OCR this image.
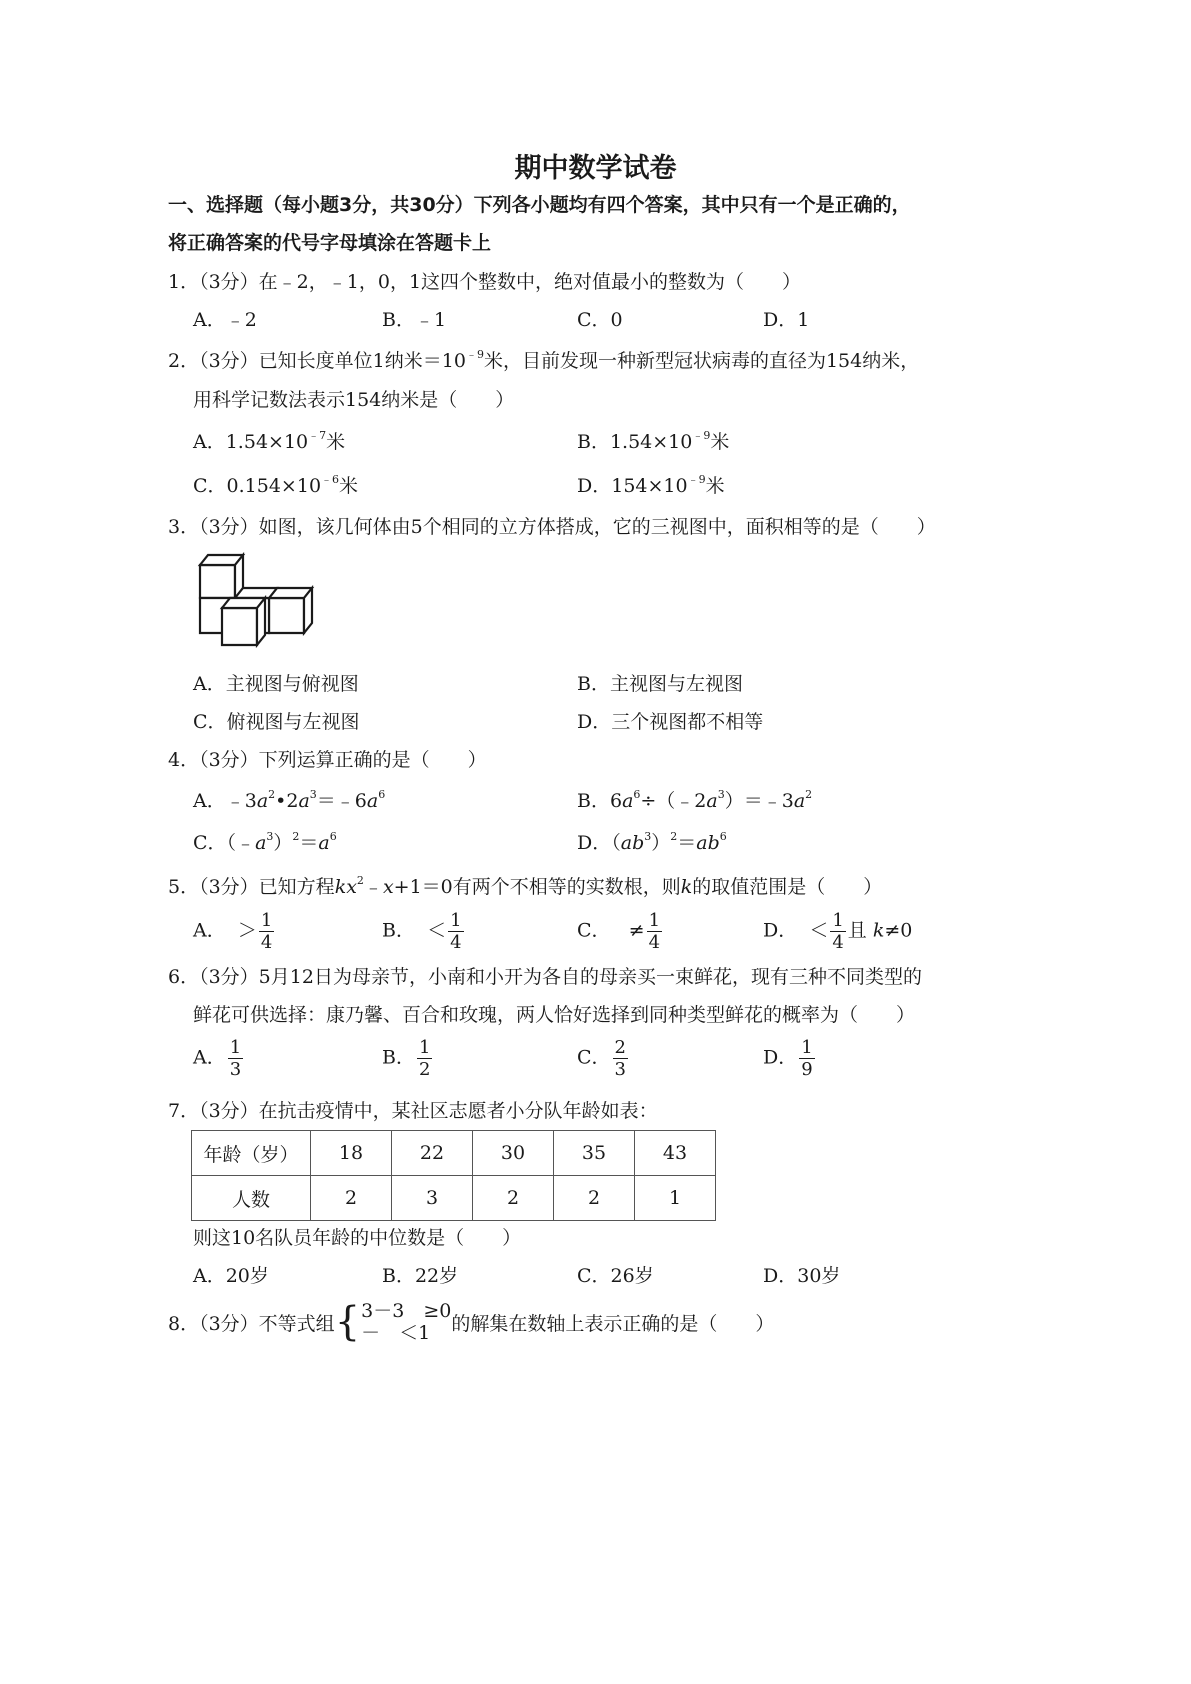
期中数学试卷
一、选择题（每小题3分，共30分）下列各小题均有四个答案，其中只有一个是正确的，
将正确答案的代号字母填涂在答题卡上
1．（3分）在﹣2，﹣1，0，1这四个整数中，绝对值最小的整数为（　　）
A．﹣2	B．﹣1	C．0	D．1
2．（3分）已知长度单位1纳米$=10^{﹣9}$米，目前发现一种新型冠状病毒的直径为154纳米，
用科学记数法表示154纳米是（　　）
A．$1.54\times 10^{﹣7}$米	B．$1.54\times 10^{﹣9}$米
C．$0.154\times 10^{﹣6}$米	D．$154\times 10^{﹣9}$米
3．（3分）如图，该几何体由5个相同的立方体搭成，它的三视图中，面积相等的是（　　）
A．主视图与俯视图	B．主视图与左视图
C．俯视图与左视图	D．三个视图都不相等
4．（3分）下列运算正确的是（　　）
A．$﹣3a^2•2a^3=﹣6a^6$	B．$6a^6\div(﹣2a^3)=﹣3a^2$
C．$(﹣a^3)^2=a^6$	D．$(ab^3)^2=ab^6$
5．（3分）已知方程$kx^2﹣x+1=0$有两个不相等的实数根，则k的取值范围是（　　）
A． ＞ $\frac{1}{4}$	B． ＜ $\frac{1}{4}$	C． ≠ $\frac{1}{4}$	D． ＜ $\frac{1}{4}$ 且 k≠0
6．（3分）5月12日为母亲节，小南和小开为各自的母亲买一束鲜花，现有三种不同类型的
鲜花可供选择：康乃馨、百合和玫瑰，两人恰好选择到同种类型鲜花的概率为（　　）
A． $\frac{1}{3}$	B． $\frac{1}{2}$	C． $\frac{2}{3}$	D． $\frac{1}{9}$
7．（3分）在抗击疫情中，某社区志愿者小分队年龄如表：
年龄（岁）	18	22	30	35	43
人数	2	3	2	2	1
则这10名队员年龄的中位数是（　　）
A．20岁	B．22岁	C．26岁	D．30岁
8．（3分）不等式组 { 3－3　≥0
－　＜1	的解集在数轴上表示正确的是（　　）
